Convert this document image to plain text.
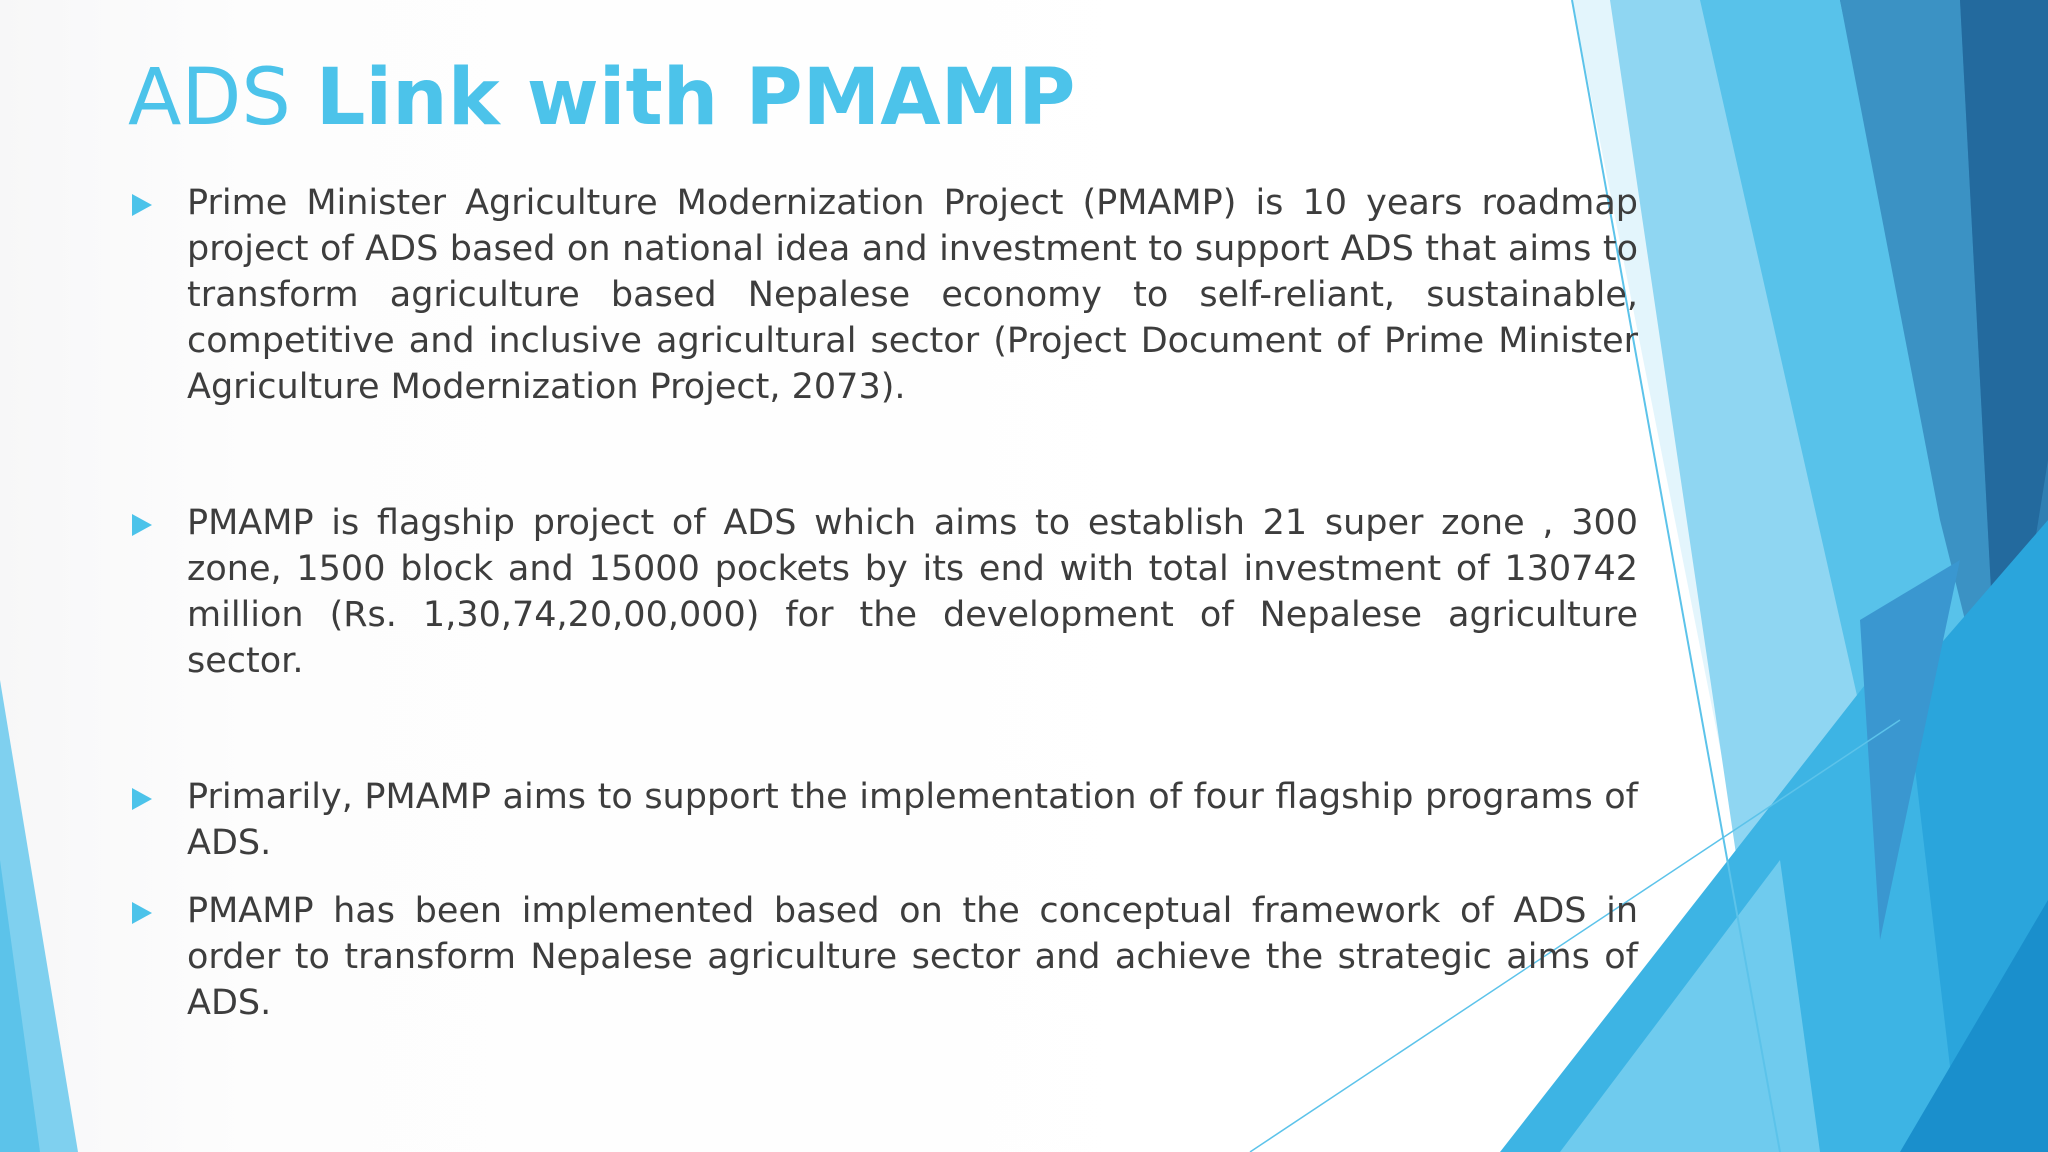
ADS Link with PMAMP
Prime Minister Agriculture Modernization Project (PMAMP) is 10 years roadmap project of ADS based on national idea and investment to support ADS that aims to transform agriculture based Nepalese economy to self-reliant, sustainable, competitive and inclusive agricultural sector (Project Document of Prime Minister Agriculture Modernization Project, 2073).
PMAMP is flagship project of ADS which aims to establish 21 super zone , 300 zone, 1500 block and 15000 pockets by its end with total investment of 130742 million (Rs. 1,30,74,20,00,000) for the development of Nepalese agriculture sector.
Primarily, PMAMP aims to support the implementation of four flagship programs of ADS.
PMAMP has been implemented based on the conceptual framework of ADS in order to transform Nepalese agriculture sector and achieve the strategic aims of ADS.
